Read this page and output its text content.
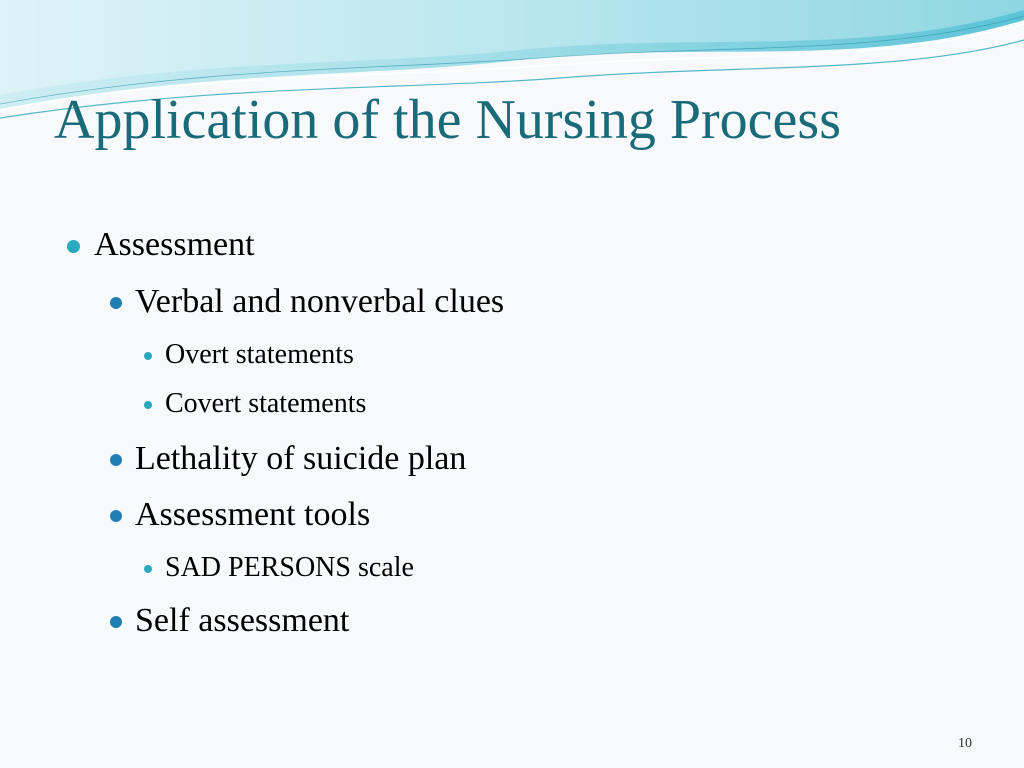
Application of the Nursing Process
Assessment
Verbal and nonverbal clues
Overt statements
Covert statements
Lethality of suicide plan
Assessment tools
SAD PERSONS scale
Self assessment
10
